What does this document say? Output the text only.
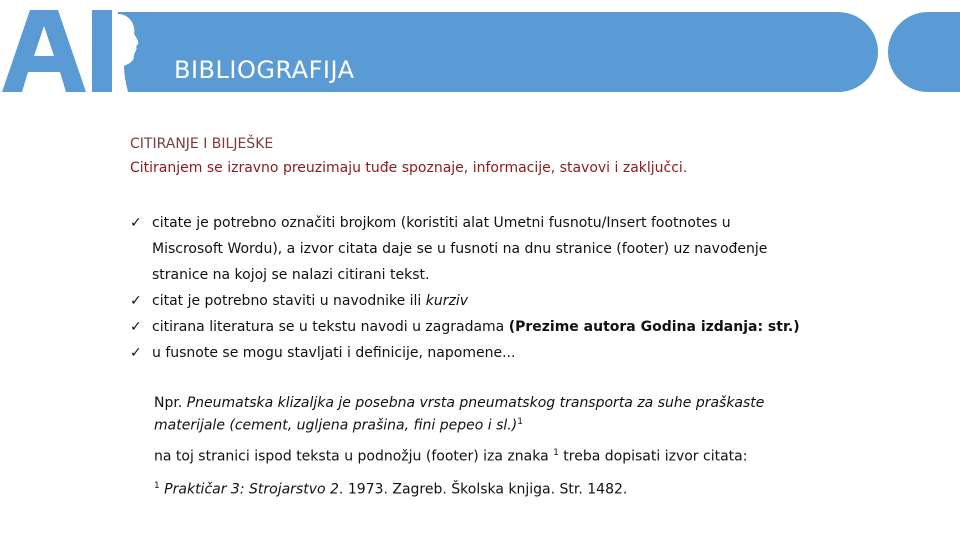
BIBLIOGRAFIJA
CITIRANJE I BILJEŠKE
Citiranjem se izravno preuzimaju tuđe spoznaje, informacije, stavovi i zaključci.
✓ citate je potrebno označiti brojkom (koristiti alat Umetni fusnotu/Insert footnotes u
Miscrosoft Wordu), a izvor citata daje se u fusnoti na dnu stranice (footer) uz navođenje
stranice na kojoj se nalazi citirani tekst.
✓ citat je potrebno staviti u navodnike ili kurziv
✓ citirana literatura se u tekstu navodi u zagradama (Prezime autora Godina izdanja: str.)
✓ u fusnote se mogu stavljati i definicije, napomene...
Npr. Pneumatska klizaljka je posebna vrsta pneumatskog transporta za suhe praškaste
materijale (cement, ugljena prašina, fini pepeo i sl.)$^1$
na toj stranici ispod teksta u podnožju (footer) iza znaka $^1$ treba dopisati izvor citata:
$^1$ Praktičar 3: Strojarstvo 2. 1973. Zagreb. Školska knjiga. Str. 1482.
